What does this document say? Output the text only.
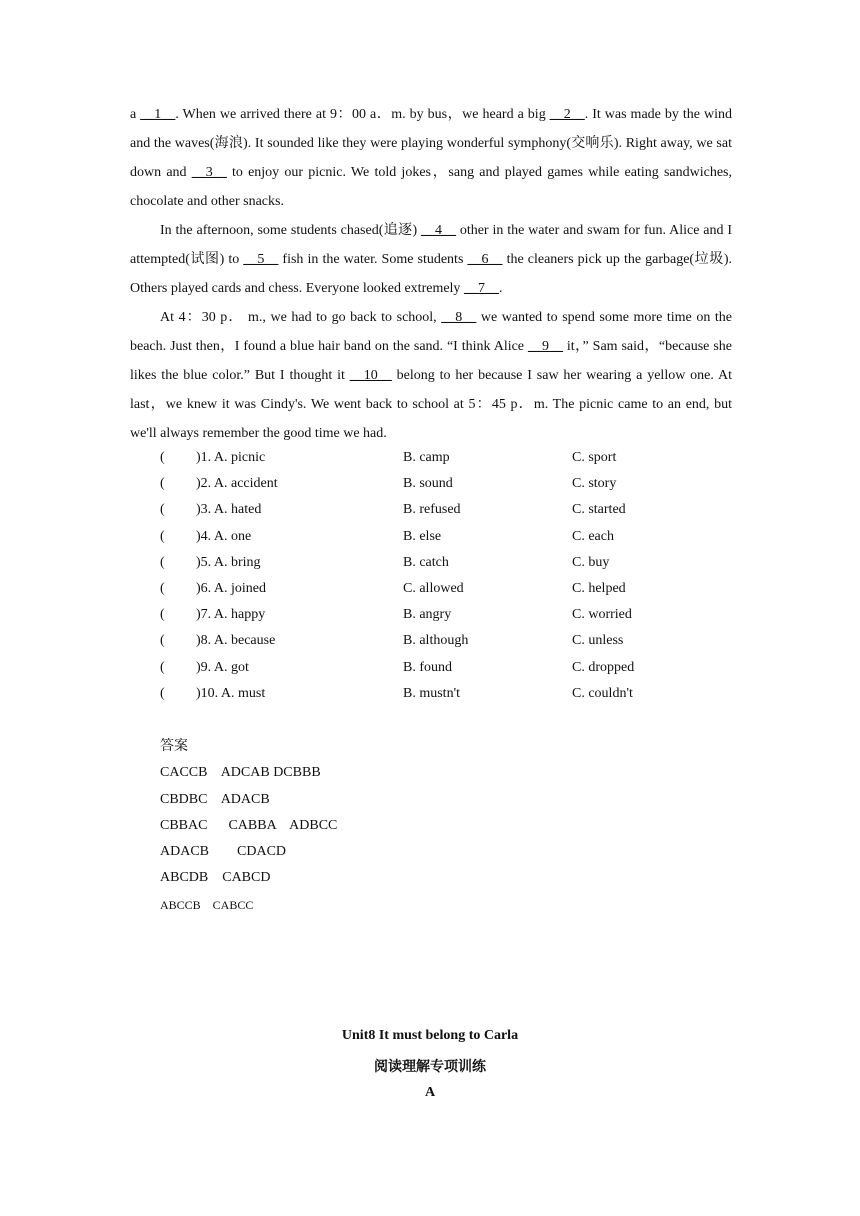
a __1__. When we arrived there at 9：00 a．m. by bus，we heard a big __2__. It was made by the wind and the waves(海浪). It sounded like they were playing wonderful symphony(交响乐). Right away, we sat down and __3__ to enjoy our picnic. We told jokes，sang and played games while eating sandwiches, chocolate and other snacks.

In the afternoon, some students chased(追逐) __4__ other in the water and swam for fun. Alice and I attempted(试图) to __5__ fish in the water. Some students __6__ the cleaners pick up the garbage(垃圾). Others played cards and chess. Everyone looked extremely __7__.

At 4：30 p． m., we had to go back to school, __8__ we wanted to spend some more time on the beach. Just then，I found a blue hair band on the sand. “I think Alice __9__ it，” Sam said，“because she likes the blue color.” But I thought it __10__ belong to her because I saw her wearing a yellow one. At last，we knew it was Cindy's. We went back to school at 5：45 p．m. The picnic came to an end, but we'll always remember the good time we had.

( )1. A. picnic	B. camp	C. sport
( )2. A. accident	B. sound	C. story
( )3. A. hated	B. refused	C. started
( )4. A. one	B. else	C. each
( )5. A. bring	B. catch	C. buy
( )6. A. joined	C. allowed	C. helped
( )7. A. happy	B. angry	C. worried
( )8. A. because	B. although	C. unless
( )9. A. got	B. found	C. dropped
( )10. A. must	B. mustn't	C. couldn't
答案
CACCB    ADCAB DCBBB
CBDBC    ADACB
CBBAC      CABBA    ADBCC
ADACB        CDACD
ABCDB    CABCD
ABCCB    CABCC
Unit8 It must belong to Carla
阅读理解专项训练
A
